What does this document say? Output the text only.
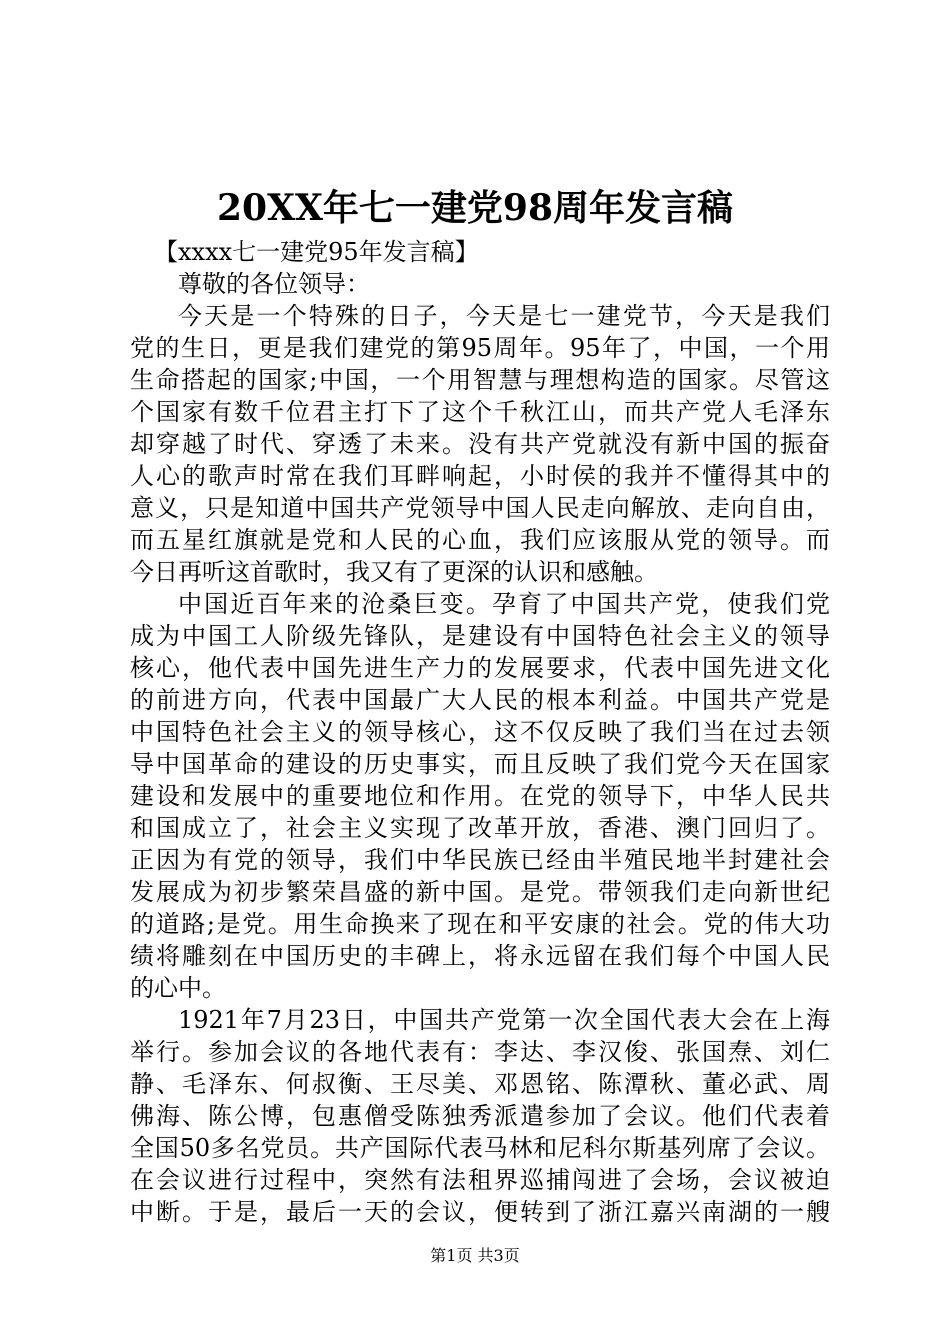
20XX年七一建党98周年发言稿
【xxxx七一建党95年发言稿】
尊敬的各位领导：
今天是一个特殊的日子，今天是七一建党节，今天是我们
党的生日，更是我们建党的第95周年。95年了，中国，一个用
生命搭起的国家;中国，一个用智慧与理想构造的国家。尽管这
个国家有数千位君主打下了这个千秋江山，而共产党人毛泽东
却穿越了时代、穿透了未来。没有共产党就没有新中国的振奋
人心的歌声时常在我们耳畔响起，小时侯的我并不懂得其中的
意义，只是知道中国共产党领导中国人民走向解放、走向自由，
而五星红旗就是党和人民的心血，我们应该服从党的领导。而
今日再听这首歌时，我又有了更深的认识和感触。
中国近百年来的沧桑巨变。孕育了中国共产党，使我们党
成为中国工人阶级先锋队，是建设有中国特色社会主义的领导
核心，他代表中国先进生产力的发展要求，代表中国先进文化
的前进方向，代表中国最广大人民的根本利益。中国共产党是
中国特色社会主义的领导核心，这不仅反映了我们当在过去领
导中国革命的建设的历史事实，而且反映了我们党今天在国家
建设和发展中的重要地位和作用。在党的领导下，中华人民共
和国成立了，社会主义实现了改革开放，香港、澳门回归了。
正因为有党的领导，我们中华民族已经由半殖民地半封建社会
发展成为初步繁荣昌盛的新中国。是党。带领我们走向新世纪
的道路;是党。用生命换来了现在和平安康的社会。党的伟大功
绩将雕刻在中国历史的丰碑上，将永远留在我们每个中国人民
的心中。
1921年7月23日，中国共产党第一次全国代表大会在上海
举行。参加会议的各地代表有：李达、李汉俊、张国焘、刘仁
静、毛泽东、何叔衡、王尽美、邓恩铭、陈潭秋、董必武、周
佛海、陈公博，包惠僧受陈独秀派遣参加了会议。他们代表着
全国50多名党员。共产国际代表马林和尼科尔斯基列席了会议。
在会议进行过程中，突然有法租界巡捕闯进了会场，会议被迫
中断。于是，最后一天的会议，便转到了浙江嘉兴南湖的一艘
第1页 共3页
